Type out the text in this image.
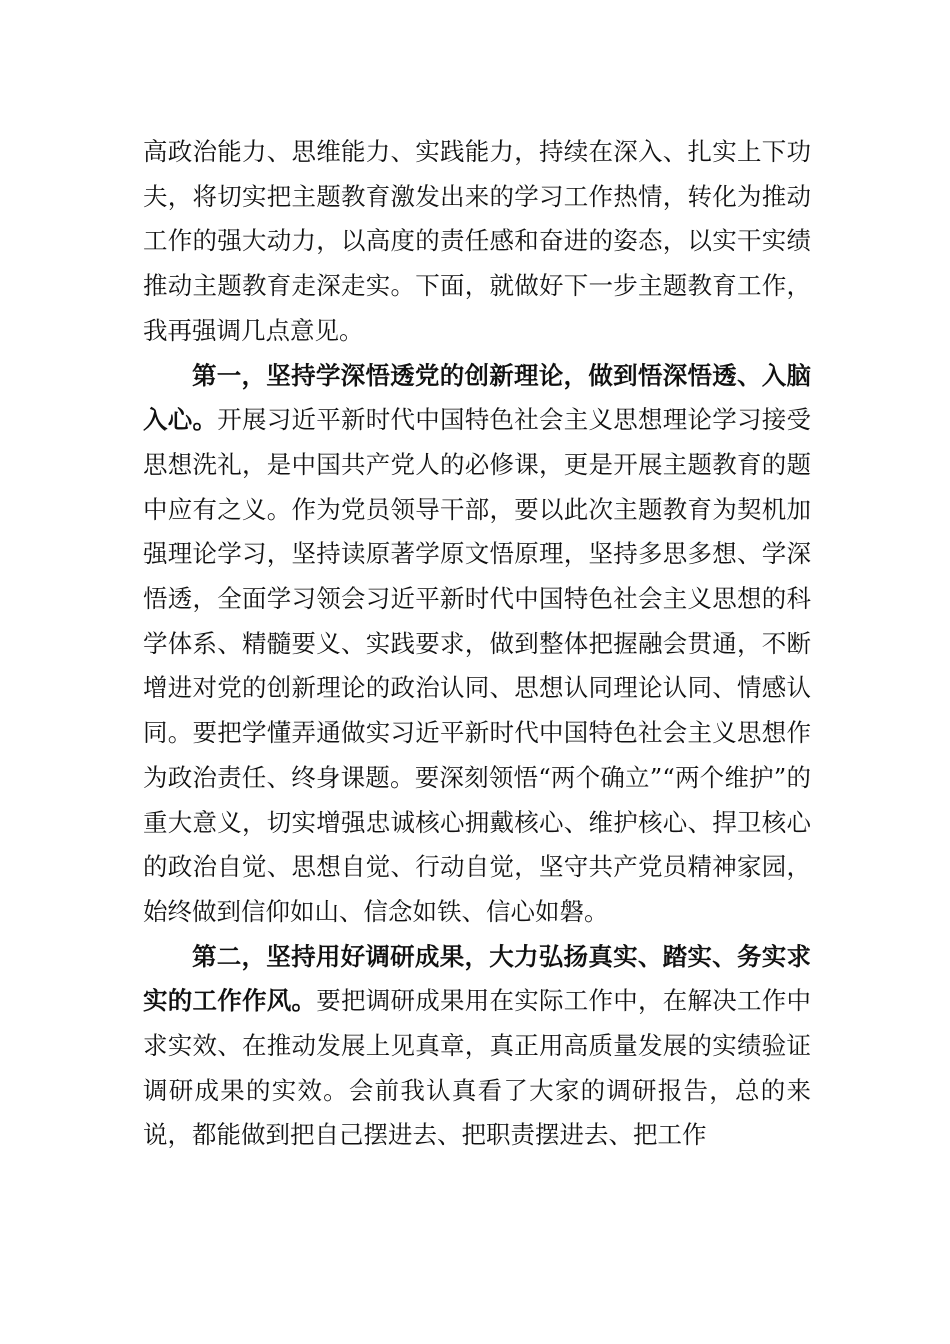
高政治能力、思维能力、实践能力，持续在深入、扎实上下功夫，将切实把主题教育激发出来的学习工作热情，转化为推动工作的强大动力，以高度的责任感和奋进的姿态，以实干实绩推动主题教育走深走实。下面，就做好下一步主题教育工作，我再强调几点意见。

第一，坚持学深悟透党的创新理论，做到悟深悟透、入脑入心。开展习近平新时代中国特色社会主义思想理论学习接受思想洗礼，是中国共产党人的必修课，更是开展主题教育的题中应有之义。作为党员领导干部，要以此次主题教育为契机加强理论学习，坚持读原著学原文悟原理，坚持多思多想、学深悟透，全面学习领会习近平新时代中国特色社会主义思想的科学体系、精髓要义、实践要求，做到整体把握融会贯通，不断增进对党的创新理论的政治认同、思想认同理论认同、情感认同。要把学懂弄通做实习近平新时代中国特色社会主义思想作为政治责任、终身课题。要深刻领悟“两个确立”“两个维护”的重大意义，切实增强忠诚核心拥戴核心、维护核心、捍卫核心的政治自觉、思想自觉、行动自觉，坚守共产党员精神家园，始终做到信仰如山、信念如铁、信心如磐。

第二，坚持用好调研成果，大力弘扬真实、踏实、务实求实的工作作风。要把调研成果用在实际工作中，在解决工作中求实效、在推动发展上见真章，真正用高质量发展的实绩验证调研成果的实效。会前我认真看了大家的调研报告，总的来说，都能做到把自己摆进去、把职责摆进去、把工作
